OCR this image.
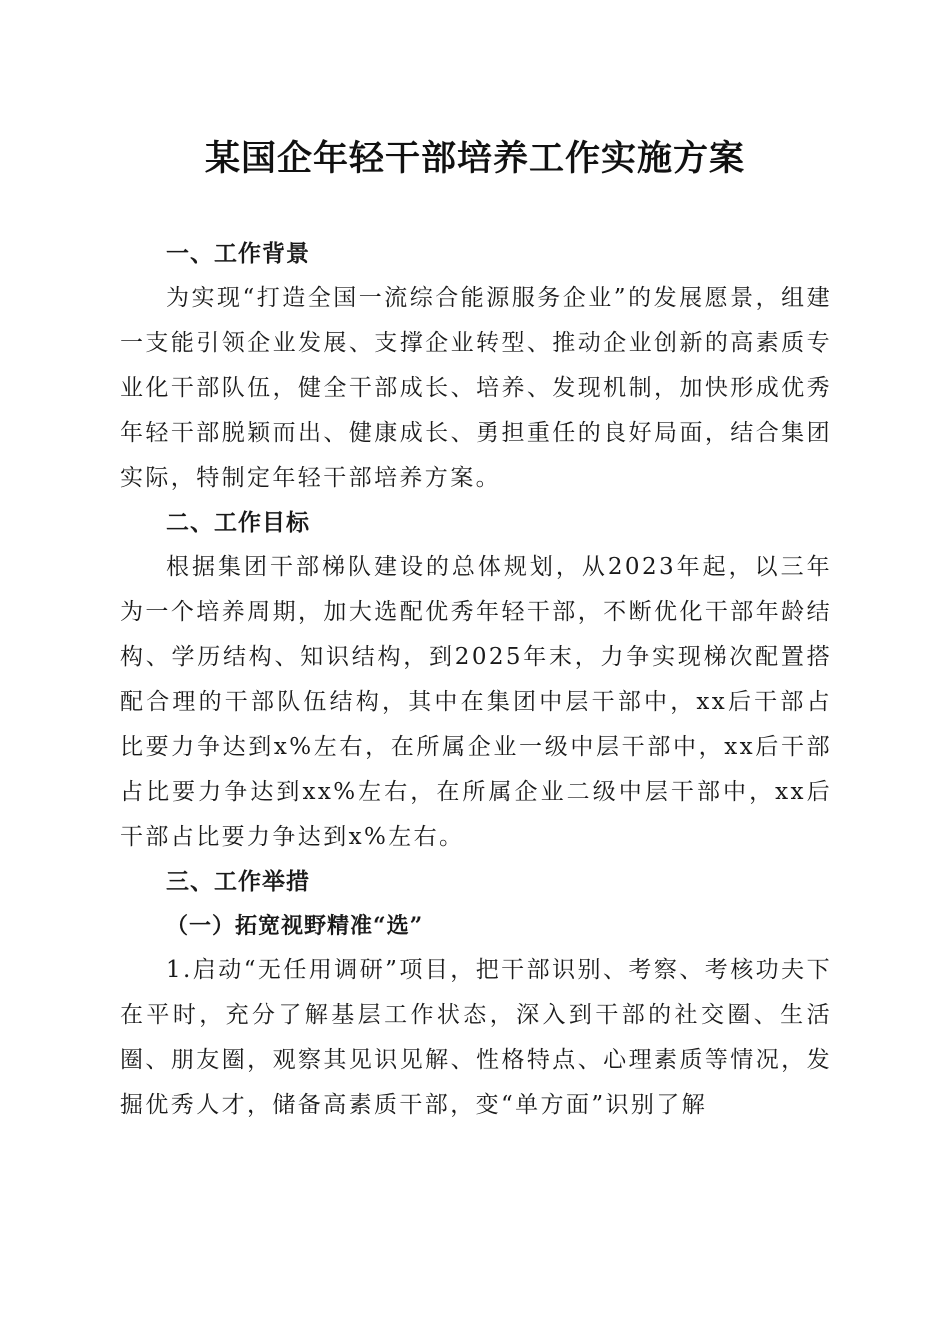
某国企年轻干部培养工作实施方案
一、工作背景

为实现“打造全国一流综合能源服务企业”的发展愿景，组建一支能引领企业发展、支撑企业转型、推动企业创新的高素质专业化干部队伍，健全干部成长、培养、发现机制，加快形成优秀年轻干部脱颖而出、健康成长、勇担重任的良好局面，结合集团实际，特制定年轻干部培养方案。

二、工作目标

根据集团干部梯队建设的总体规划，从2023年起，以三年为一个培养周期，加大选配优秀年轻干部，不断优化干部年龄结构、学历结构、知识结构，到2025年末，力争实现梯次配置搭配合理的干部队伍结构，其中在集团中层干部中，xx后干部占比要力争达到x%左右，在所属企业一级中层干部中，xx后干部占比要力争达到xx%左右，在所属企业二级中层干部中，xx后干部占比要力争达到x%左右。

三、工作举措
（一）拓宽视野精准“选”

1.启动“无任用调研”项目，把干部识别、考察、考核功夫下在平时，充分了解基层工作状态，深入到干部的社交圈、生活圈、朋友圈，观察其见识见解、性格特点、心理素质等情况，发掘优秀人才，储备高素质干部，变“单方面”识别了解
